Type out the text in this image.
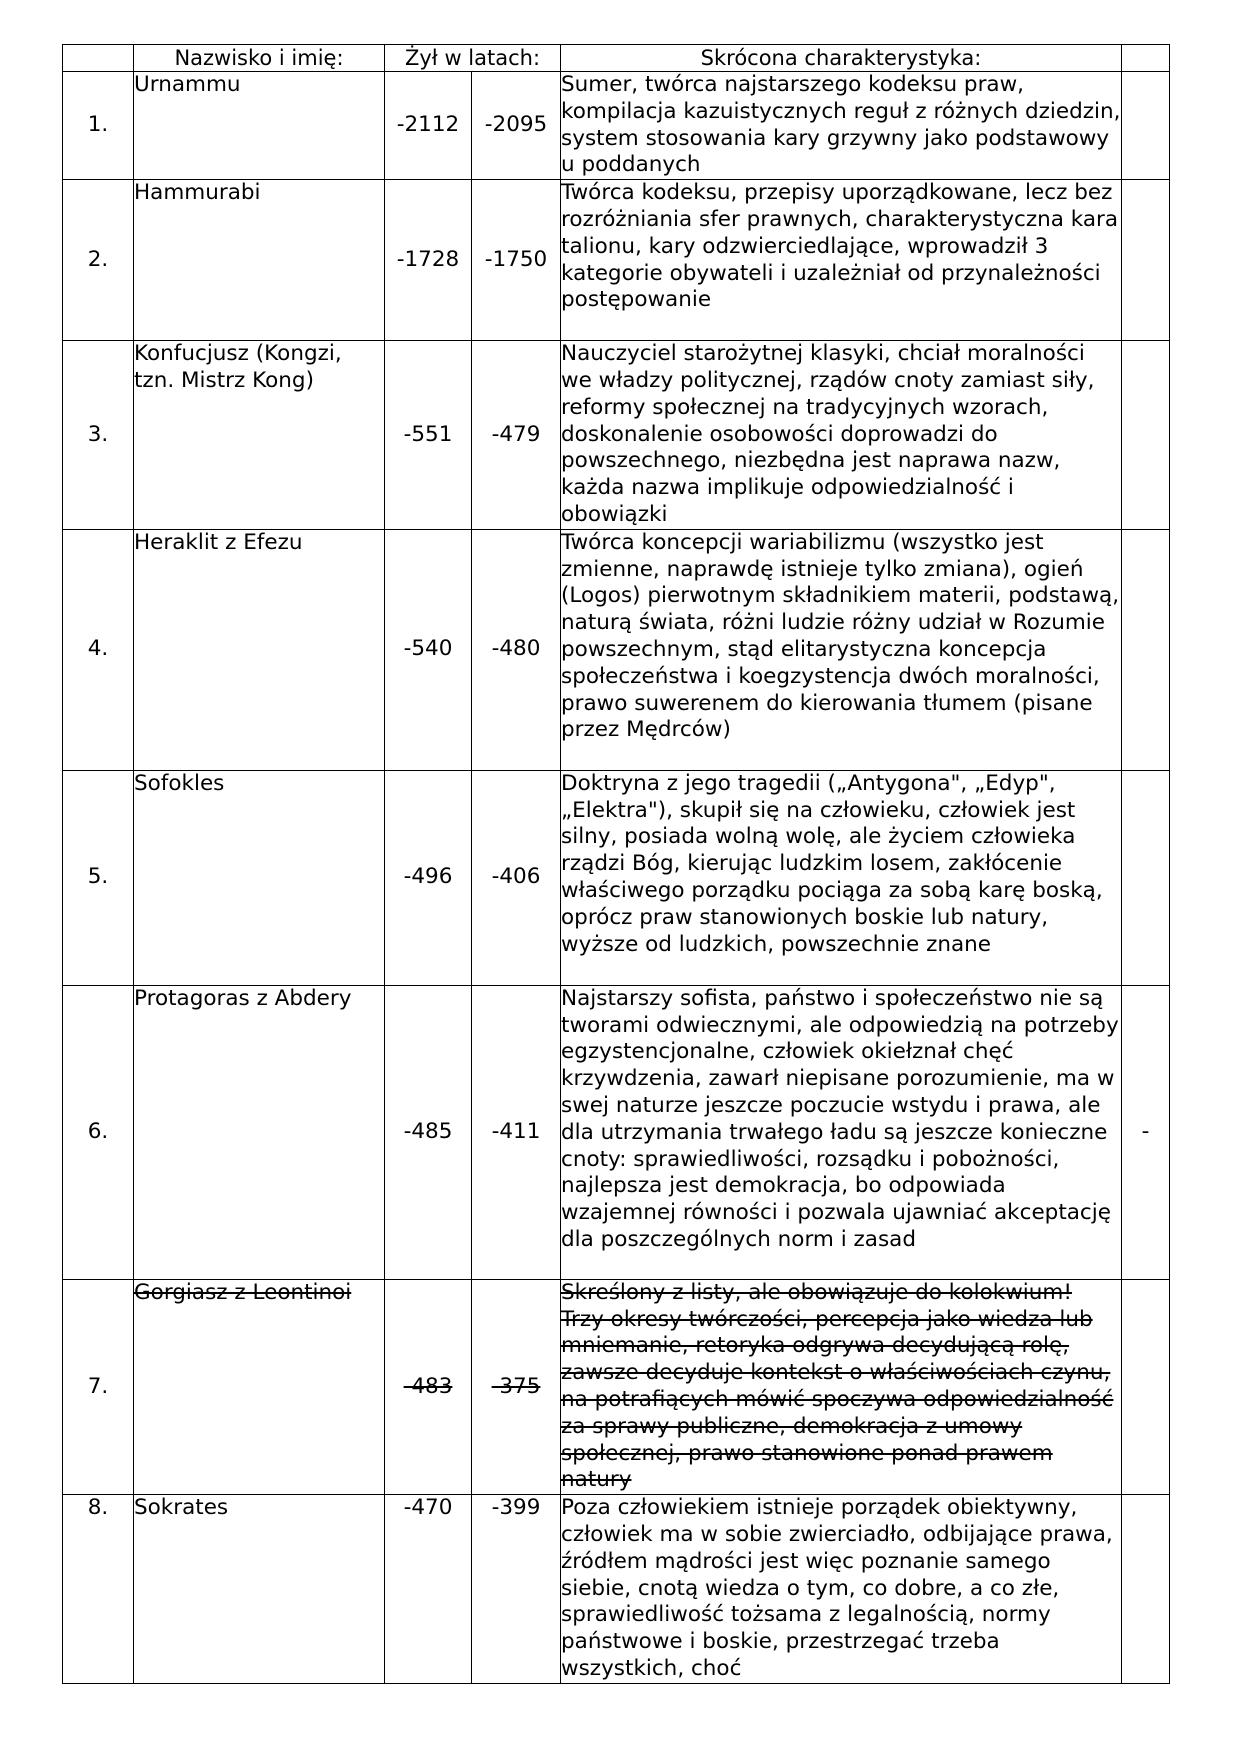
	Nazwisko i imię:	Żył w latach:		Skrócona charakterystyka:	
1.	Urnammu	-2112	-2095	Sumer, twórca najstarszego kodeksu praw, kompilacja kazuistycznych reguł z różnych dziedzin, system stosowania kary grzywny jako podstawowy u poddanych	
2.	Hammurabi	-1728	-1750	Twórca kodeksu, przepisy uporządkowane, lecz bez rozróżniania sfer prawnych, charakterystyczna kara talionu, kary odzwierciedlające, wprowadził 3 kategorie obywateli i uzależniał od przynależności postępowanie	
3.	Konfucjusz (Kongzi, tzn. Mistrz Kong)	-551	-479	Nauczyciel starożytnej klasyki, chciał moralności we władzy politycznej, rządów cnoty zamiast siły, reformy społecznej na tradycyjnych wzorach, doskonalenie osobowości doprowadzi do powszechnego, niezbędna jest naprawa nazw, każda nazwa implikuje odpowiedzialność i obowiązki	
4.	Heraklit z Efezu	-540	-480	Twórca koncepcji wariabilizmu (wszystko jest zmienne, naprawdę istnieje tylko zmiana), ogień (Logos) pierwotnym składnikiem materii, podstawą, naturą świata, różni ludzie różny udział w Rozumie powszechnym, stąd elitarystyczna koncepcja społeczeństwa i koegzystencja dwóch moralności, prawo suwerenem do kierowania tłumem (pisane przez Mędrców)	
5.	Sofokles	-496	-406	Doktryna z jego tragedii („Antygona", „Edyp", „Elektra"), skupił się na człowieku, człowiek jest silny, posiada wolną wolę, ale życiem człowieka rządzi Bóg, kierując ludzkim losem, zakłócenie właściwego porządku pociąga za sobą karę boską, oprócz praw stanowionych boskie lub natury, wyższe od ludzkich, powszechnie znane	
6.	Protagoras z Abdery	-485	-411	Najstarszy sofista, państwo i społeczeństwo nie są tworami odwiecznymi, ale odpowiedzią na potrzeby egzystencjonalne, człowiek okiełznał chęć krzywdzenia, zawarł niepisane porozumienie, ma w swej naturze jeszcze poczucie wstydu i prawa, ale dla utrzymania trwałego ładu są jeszcze konieczne cnoty: sprawiedliwości, rozsądku i pobożności, najlepsza jest demokracja, bo odpowiada wzajemnej równości i pozwala ujawniać akceptację dla poszczególnych norm i zasad	-
7.	Gorgiasz z Leontinoi	-483	-375	Skreślony z listy, ale obowiązuje do kolokwium! Trzy okresy twórczości, percepcja jako wiedza lub mniemanie, retoryka odgrywa decydującą rolę, zawsze decyduje kontekst o właściwościach czynu, na potrafiących mówić spoczywa odpowiedzialność za sprawy publiczne, demokracja z umowy społecznej, prawo stanowione ponad prawem natury	
8.	Sokrates	-470	-399	Poza człowiekiem istnieje porządek obiektywny, człowiek ma w sobie zwierciadło, odbijające prawa, źródłem mądrości jest więc poznanie samego siebie, cnotą wiedza o tym, co dobre, a co złe, sprawiedliwość tożsama z legalnością, normy państwowe i boskie, przestrzegać trzeba wszystkich, choć	
